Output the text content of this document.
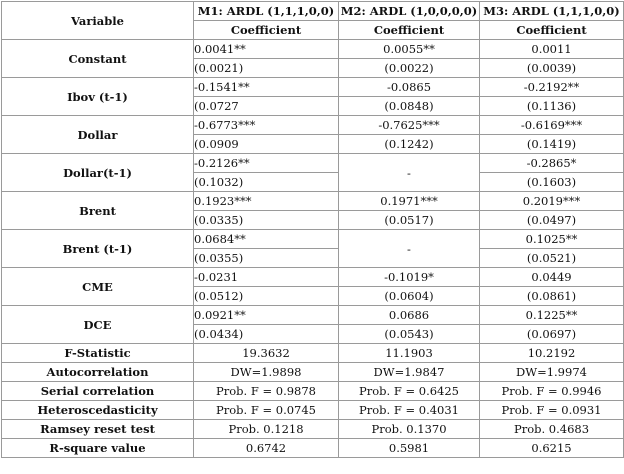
Variable	M1: ARDL (1,1,1,0,0)	M2: ARDL (1,0,0,0,0)	M3: ARDL (1,1,1,0,0)
	Coefficient	Coefficient	Coefficient
Constant	0.0041**	0.0055**	0.0011
	(0.0021)	(0.0022)	(0.0039)
Ibov (t-1)	-0.1541**	-0.0865	-0.2192**
	(0.0727	(0.0848)	(0.1136)
Dollar	-0.6773***	-0.7625***	-0.6169***
	(0.0909	(0.1242)	(0.1419)
Dollar(t-1)	-0.2126**	-	-0.2865*
	(0.1032)		(0.1603)
Brent	0.1923***	0.1971***	0.2019***
	(0.0335)	(0.0517)	(0.0497)
Brent (t-1)	0.0684**	-	0.1025**
	(0.0355)		(0.0521)
CME	-0.0231	-0.1019*	0.0449
	(0.0512)	(0.0604)	(0.0861)
DCE	0.0921**	0.0686	0.1225**
	(0.0434)	(0.0543)	(0.0697)
F-Statistic	19.3632	11.1903	10.2192
Autocorrelation	DW=1.9898	DW=1.9847	DW=1.9974
Serial correlation	Prob. F = 0.9878	Prob. F = 0.6425	Prob. F = 0.9946
Heteroscedasticity	Prob. F = 0.0745	Prob. F = 0.4031	Prob. F = 0.0931
Ramsey reset test	Prob. 0.1218	Prob. 0.1370	Prob. 0.4683
R-square value	0.6742	0.5981	0.6215
